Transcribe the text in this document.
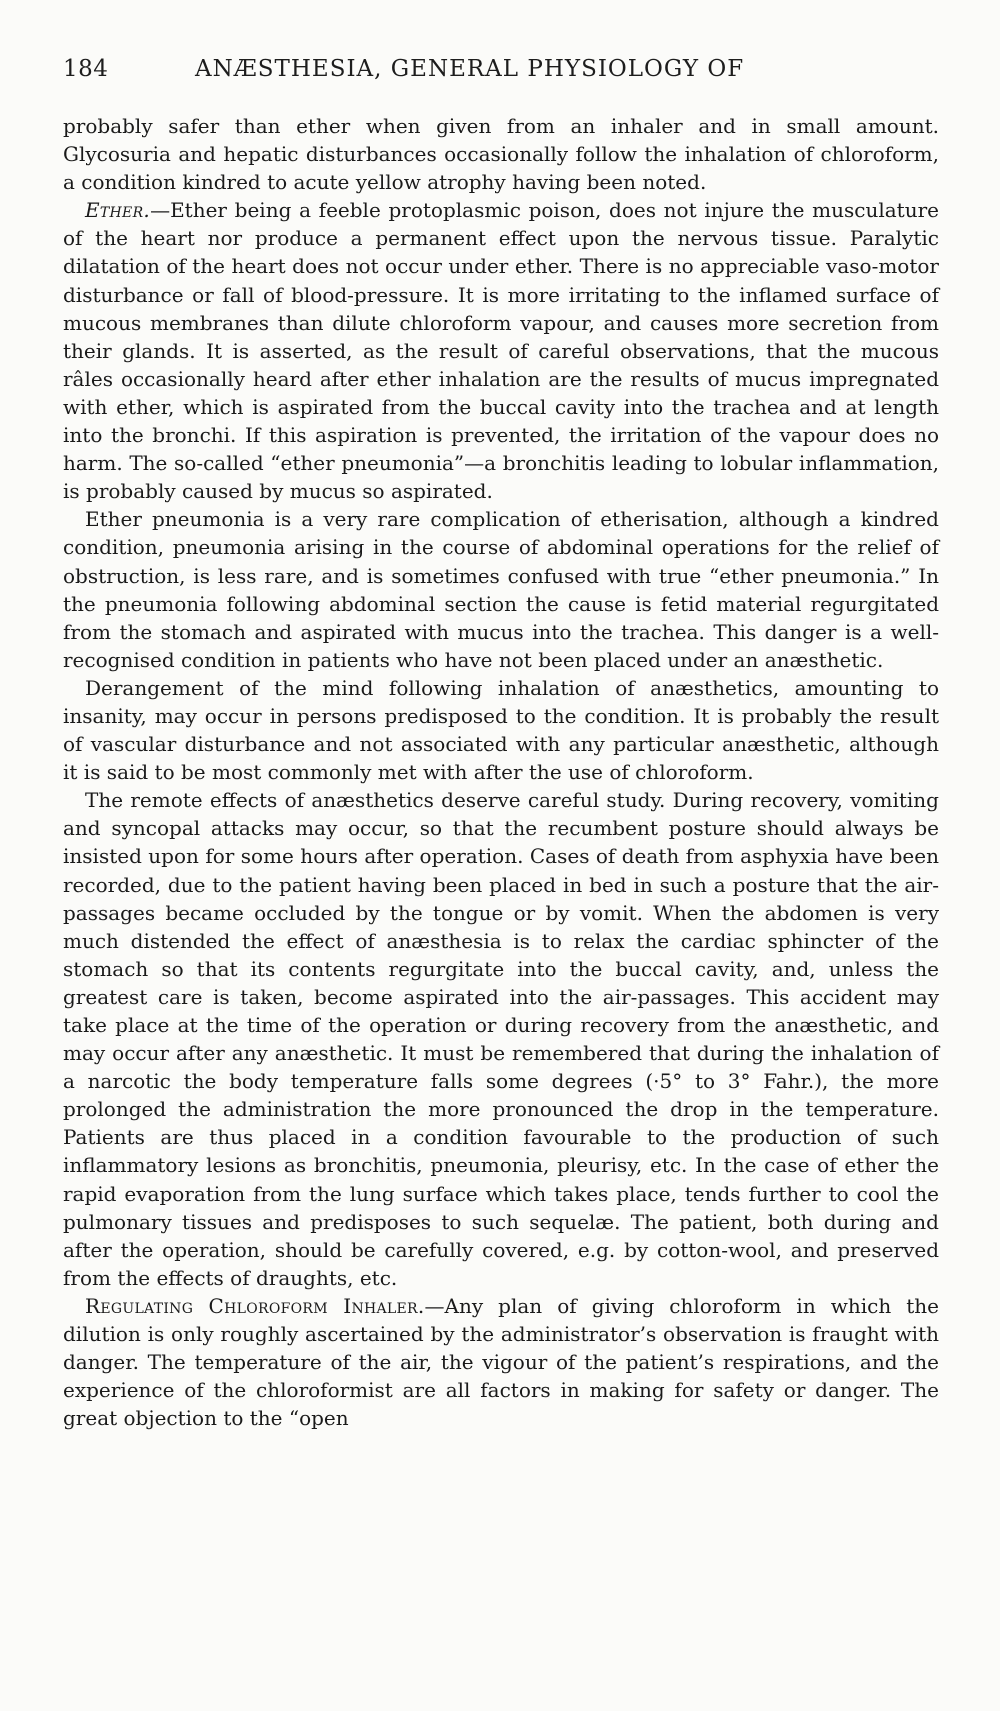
184	ANÆSTHESIA, GENERAL PHYSIOLOGY OF

probably safer than ether when given from an inhaler and in small amount. Glycosuria and hepatic disturbances occasionally follow the inhalation of chloroform, a condition kindred to acute yellow atrophy having been noted.

Ether.—Ether being a feeble protoplasmic poison, does not injure the musculature of the heart nor produce a permanent effect upon the nervous tissue. Paralytic dilatation of the heart does not occur under ether. There is no appreciable vaso-motor disturbance or fall of blood-pressure. It is more irritating to the inflamed surface of mucous membranes than dilute chloroform vapour, and causes more secretion from their glands. It is asserted, as the result of careful observations, that the mucous râles occasionally heard after ether inhalation are the results of mucus impregnated with ether, which is aspirated from the buccal cavity into the trachea and at length into the bronchi. If this aspiration is prevented, the irritation of the vapour does no harm. The so-called “ether pneumonia”—a bronchitis leading to lobular inflammation, is probably caused by mucus so aspirated.

Ether pneumonia is a very rare complication of etherisation, although a kindred condition, pneumonia arising in the course of abdominal operations for the relief of obstruction, is less rare, and is sometimes confused with true “ether pneumonia.” In the pneumonia following abdominal section the cause is fetid material regurgitated from the stomach and aspirated with mucus into the trachea. This danger is a well-recognised condition in patients who have not been placed under an anæsthetic.

Derangement of the mind following inhalation of anæsthetics, amounting to insanity, may occur in persons predisposed to the condition. It is probably the result of vascular disturbance and not associated with any particular anæsthetic, although it is said to be most commonly met with after the use of chloroform.

The remote effects of anæsthetics deserve careful study. During recovery, vomiting and syncopal attacks may occur, so that the recumbent posture should always be insisted upon for some hours after operation. Cases of death from asphyxia have been recorded, due to the patient having been placed in bed in such a posture that the air-passages became occluded by the tongue or by vomit. When the abdomen is very much distended the effect of anæsthesia is to relax the cardiac sphincter of the stomach so that its contents regurgitate into the buccal cavity, and, unless the greatest care is taken, become aspirated into the air-passages. This accident may take place at the time of the operation or during recovery from the anæsthetic, and may occur after any anæsthetic. It must be remembered that during the inhalation of a narcotic the body temperature falls some degrees (·5° to 3° Fahr.), the more prolonged the administration the more pronounced the drop in the temperature. Patients are thus placed in a condition favourable to the production of such inflammatory lesions as bronchitis, pneumonia, pleurisy, etc. In the case of ether the rapid evaporation from the lung surface which takes place, tends further to cool the pulmonary tissues and predisposes to such sequelæ. The patient, both during and after the operation, should be carefully covered, e.g. by cotton-wool, and preserved from the effects of draughts, etc.

Regulating Chloroform Inhaler.—Any plan of giving chloroform in which the dilution is only roughly ascertained by the administrator’s observation is fraught with danger. The temperature of the air, the vigour of the patient’s respirations, and the experience of the chloroformist are all factors in making for safety or danger. The great objection to the “open
